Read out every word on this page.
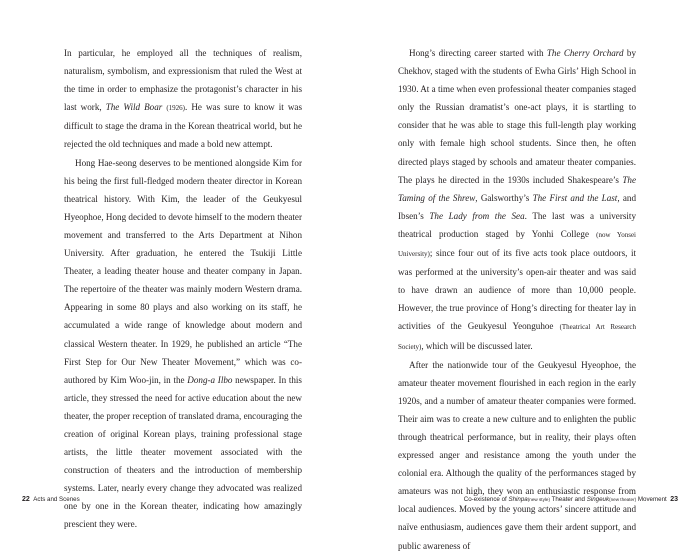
In particular, he employed all the techniques of realism, naturalism, symbolism, and expressionism that ruled the West at the time in order to emphasize the protagonist’s character in his last work, The Wild Boar (1926). He was sure to know it was difficult to stage the drama in the Korean theatrical world, but he rejected the old techniques and made a bold new attempt.

Hong Hae-seong deserves to be mentioned alongside Kim for his being the first full-fledged modern theater director in Korean theatrical history. With Kim, the leader of the Geukyesul Hyeophoe, Hong decided to devote himself to the modern theater movement and transferred to the Arts Department at Nihon University. After graduation, he entered the Tsukiji Little Theater, a leading theater house and theater company in Japan. The repertoire of the theater was mainly modern Western drama. Appearing in some 80 plays and also working on its staff, he accumulated a wide range of knowledge about modern and classical Western theater. In 1929, he published an article “The First Step for Our New Theater Movement,” which was co-authored by Kim Woo-jin, in the Dong-a Ilbo newspaper. In this article, they stressed the need for active education about the new theater, the proper reception of translated drama, encouraging the creation of original Korean plays, training professional stage artists, the little theater movement associated with the construction of theaters and the introduction of membership systems. Later, nearly every change they advocated was realized one by one in the Korean theater, indicating how amazingly prescient they were.

Hong’s directing career started with The Cherry Orchard by Chekhov, staged with the students of Ewha Girls’ High School in 1930. At a time when even professional theater companies staged only the Russian dramatist’s one-act plays, it is startling to consider that he was able to stage this full-length play working only with female high school students. Since then, he often directed plays staged by schools and amateur theater companies. The plays he directed in the 1930s included Shakespeare’s The Taming of the Shrew, Galsworthy’s The First and the Last, and Ibsen’s The Lady from the Sea. The last was a university theatrical production staged by Yonhi College (now Yonsei University); since four out of its five acts took place outdoors, it was performed at the university’s open-air theater and was said to have drawn an audience of more than 10,000 people. However, the true province of Hong’s directing for theater lay in activities of the Geukyesul Yeonguhoe (Theatrical Art Research Society), which will be discussed later.

After the nationwide tour of the Geukyesul Hyeophoe, the amateur theater movement flourished in each region in the early 1920s, and a number of amateur theater companies were formed. Their aim was to create a new culture and to enlighten the public through theatrical performance, but in reality, their plays often expressed anger and resistance among the youth under the colonial era. Although the quality of the performances staged by amateurs was not high, they won an enthusiastic response from local audiences. Moved by the young actors’ sincere attitude and naïve enthusiasm, audiences gave them their ardent support, and public awareness of

22 Acts and Scenes	Co-existence of Shinpa(new style) Theater and Singeuk(new theater) Movement 23
